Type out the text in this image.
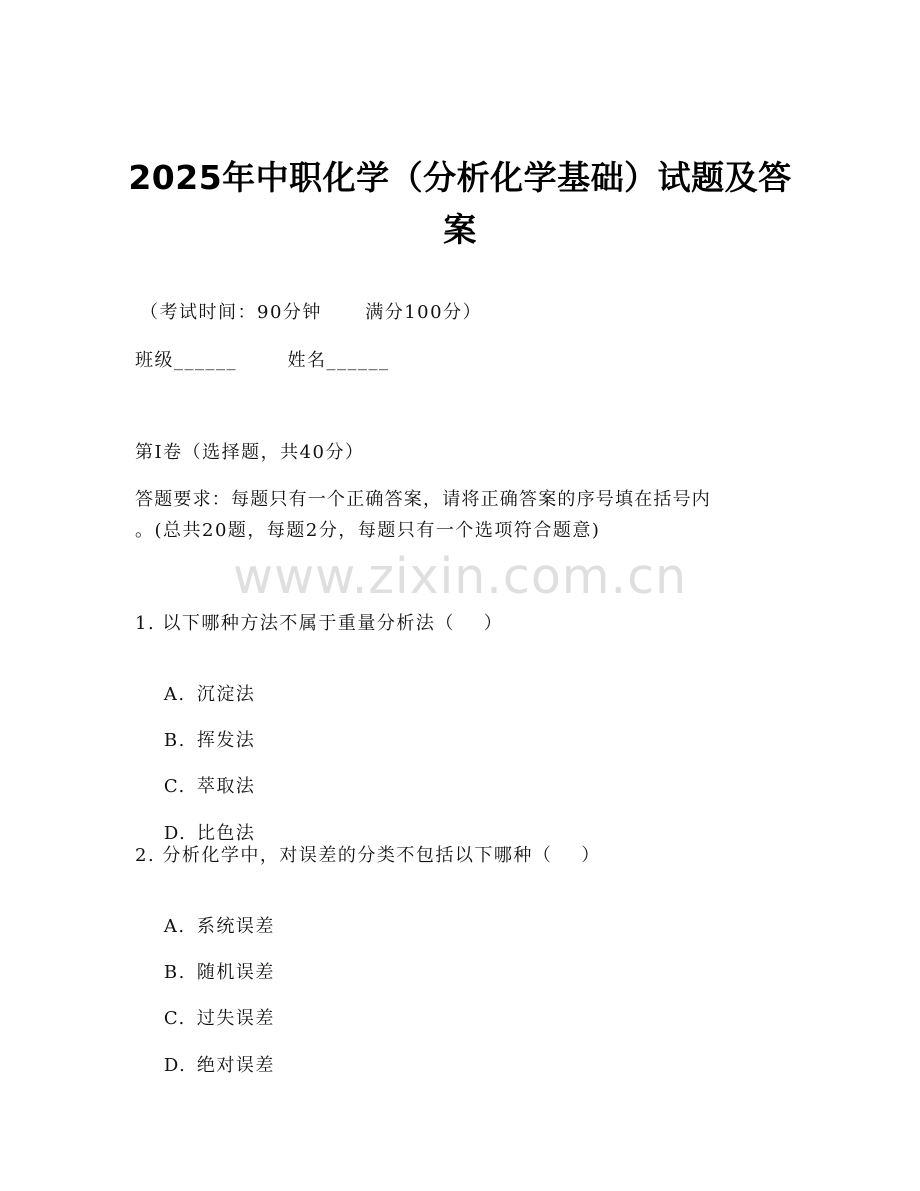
2025年中职化学（分析化学基础）试题及答
案
（考试时间：90分钟      满分100分）
班级______       姓名______
第I卷（选择题，共40分）
答题要求：每题只有一个正确答案，请将正确答案的序号填在括号内
。(总共20题，每题2分，每题只有一个选项符合题意)
www.zixin.com.cn
1. 以下哪种方法不属于重量分析法（    ）

A. 沉淀法

B. 挥发法

C. 萃取法

D. 比色法

2. 分析化学中，对误差的分类不包括以下哪种（    ）

A. 系统误差

B. 随机误差

C. 过失误差

D. 绝对误差
